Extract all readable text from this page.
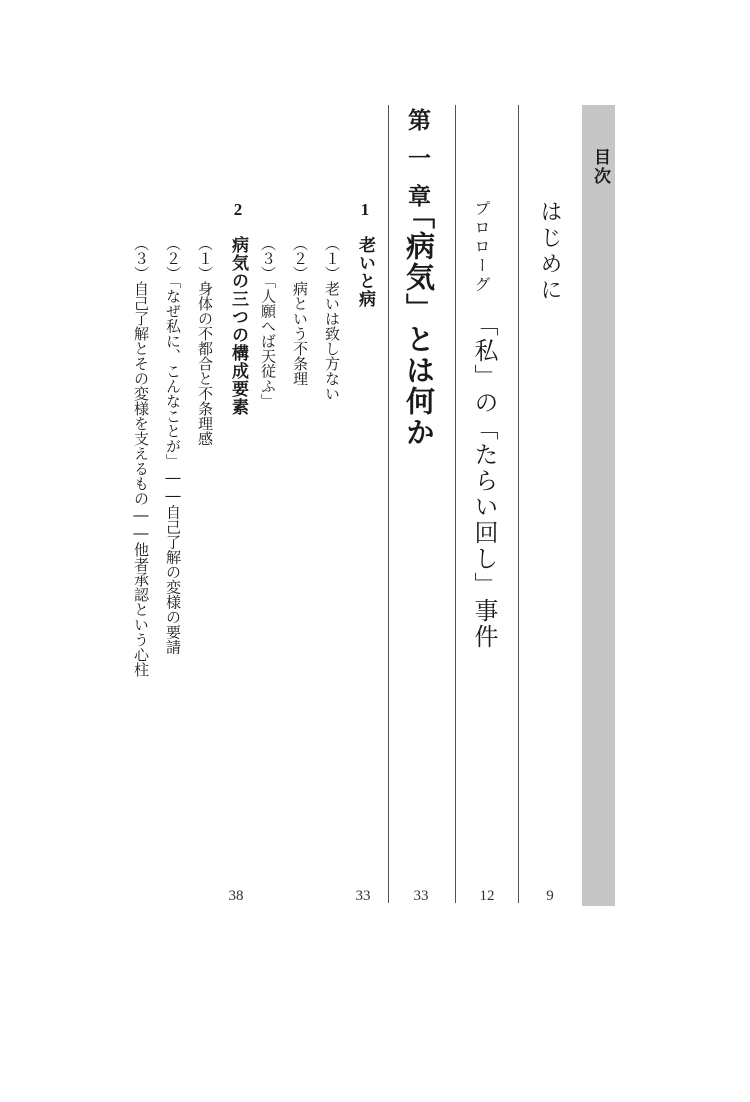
目次
はじめに
9
プロローグ
「私」の「たらい回し」事件
12
第一章
「病気」とは何か
33
1
老いと病
33
（１）老いは致し方ない
（２）病という不条理
（３）「人願へば天従ふ」
2
病気の三つの構成要素
38
（１）身体の不都合と不条理感
（２）「なぜ私に、こんなことが」――自己了解の変様の要請
（３）自己了解とその変様を支えるもの――他者承認という心柱
